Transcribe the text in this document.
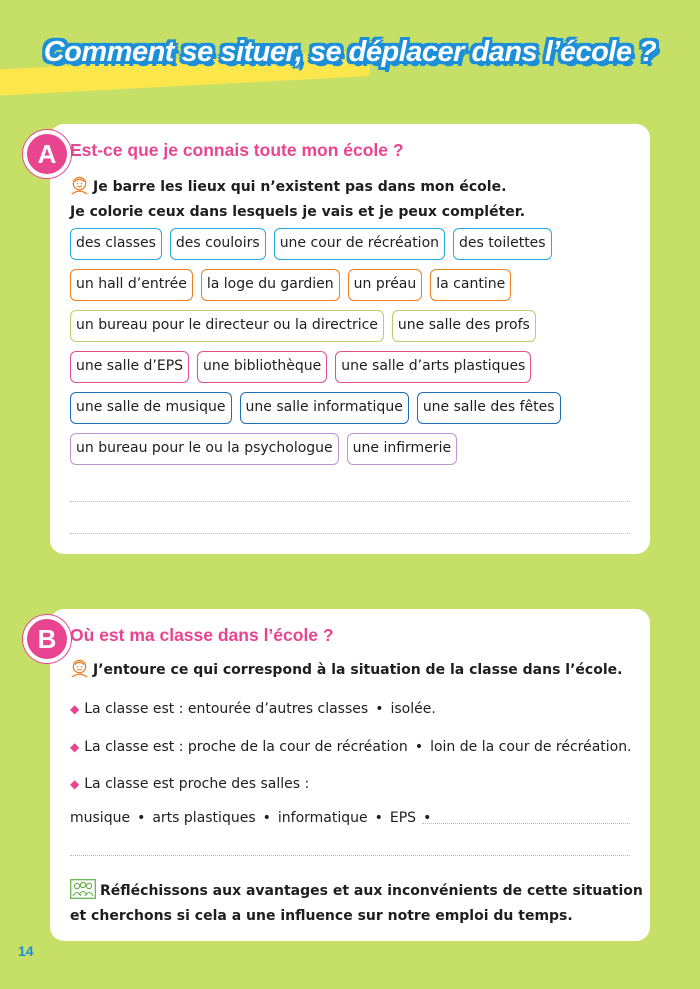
Comment se situer, se déplacer dans l’école ?
A Est-ce que je connais toute mon école ?
Je barre les lieux qui n’existent pas dans mon école.
Je colorie ceux dans lesquels je vais et je peux compléter.
des classes	des couloirs	une cour de récréation	des toilettes
un hall d’entrée	la loge du gardien	un préau	la cantine
un bureau pour le directeur ou la directrice	une salle des profs
une salle d’EPS	une bibliothèque	une salle d’arts plastiques
une salle de musique	une salle informatique	une salle des fêtes
un bureau pour le ou la psychologue	une infirmerie
B Où est ma classe dans l’école ?
J’entoure ce qui correspond à la situation de la classe dans l’école.
◆ La classe est : entourée d’autres classes • isolée.
◆ La classe est : proche de la cour de récréation • loin de la cour de récréation.
◆ La classe est proche des salles :
musique • arts plastiques • informatique • EPS •
Réfléchissons aux avantages et aux inconvénients de cette situation
et cherchons si cela a une influence sur notre emploi du temps.
14
